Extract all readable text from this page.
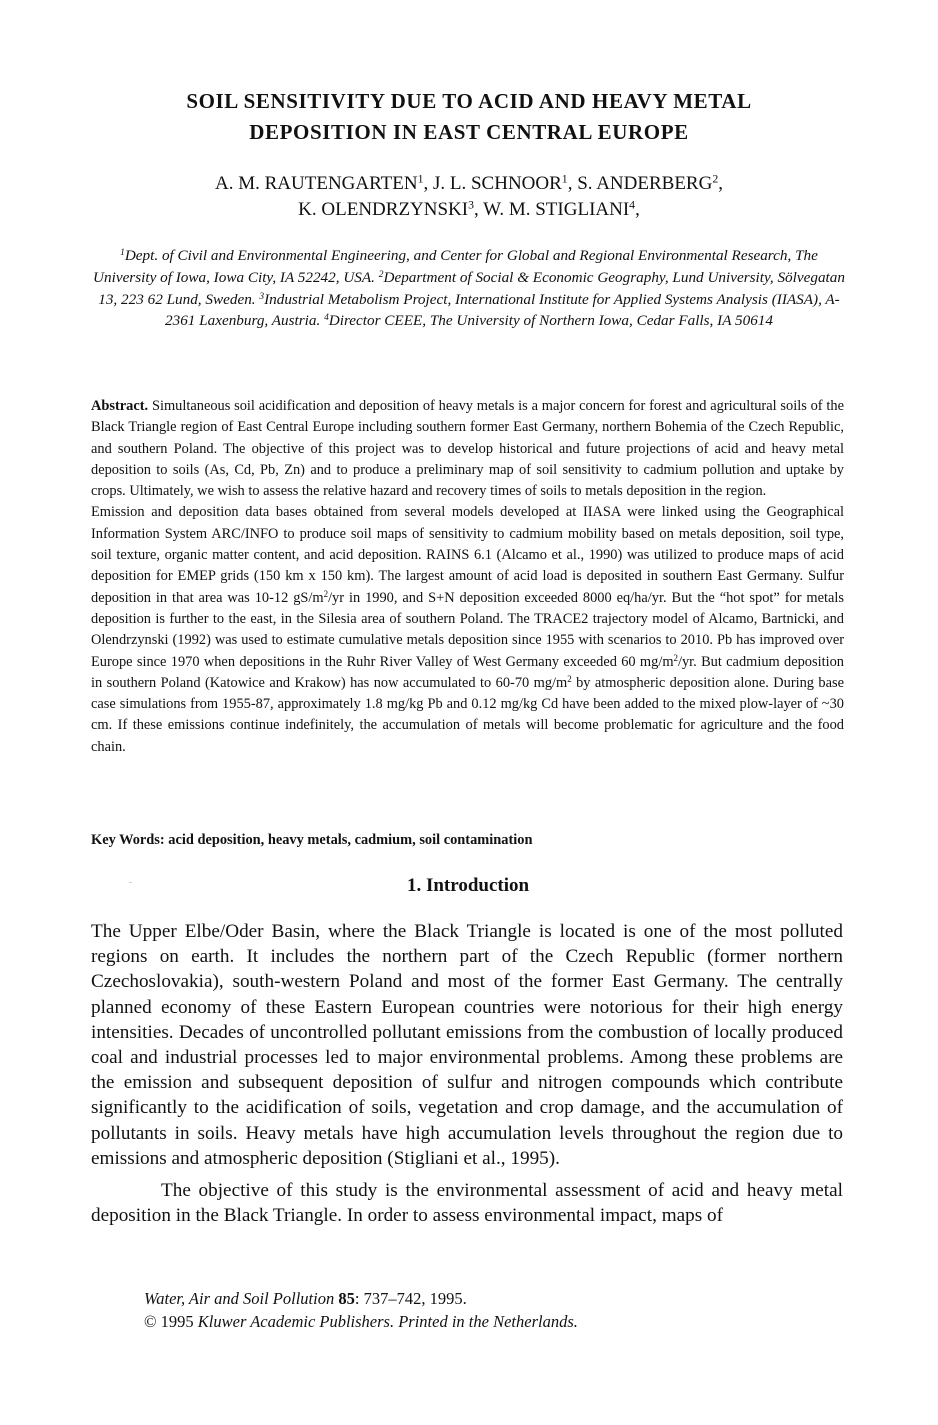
SOIL SENSITIVITY DUE TO ACID AND HEAVY METAL
DEPOSITION IN EAST CENTRAL EUROPE
A. M. RAUTENGARTEN$^1$, J. L. SCHNOOR$^1$, S. ANDERBERG$^2$,
K. OLENDRZYNSKI$^3$, W. M. STIGLIANI$^4$,
$^1$Dept. of Civil and Environmental Engineering, and Center for Global and Regional Environmental Research, The University of Iowa, Iowa City, IA 52242, USA. $^2$Department of Social & Economic Geography, Lund University, Sölvegatan 13, 223 62 Lund, Sweden. $^3$Industrial Metabolism Project, International Institute for Applied Systems Analysis (IIASA), A-2361 Laxenburg, Austria. $^4$Director CEEE, The University of Northern Iowa, Cedar Falls, IA 50614

Abstract. Simultaneous soil acidification and deposition of heavy metals is a major concern for forest and agricultural soils of the Black Triangle region of East Central Europe including southern former East Germany, northern Bohemia of the Czech Republic, and southern Poland. The objective of this project was to develop historical and future projections of acid and heavy metal deposition to soils (As, Cd, Pb, Zn) and to produce a preliminary map of soil sensitivity to cadmium pollution and uptake by crops. Ultimately, we wish to assess the relative hazard and recovery times of soils to metals deposition in the region.

Emission and deposition data bases obtained from several models developed at IIASA were linked using the Geographical Information System ARC/INFO to produce soil maps of sensitivity to cadmium mobility based on metals deposition, soil type, soil texture, organic matter content, and acid deposition. RAINS 6.1 (Alcamo et al., 1990) was utilized to produce maps of acid deposition for EMEP grids (150 km x 150 km). The largest amount of acid load is deposited in southern East Germany. Sulfur deposition in that area was 10-12 $gS/m^2/yr$ in 1990, and S+N deposition exceeded 8000 eq/ha/yr. But the “hot spot” for metals deposition is further to the east, in the Silesia area of southern Poland. The TRACE2 trajectory model of Alcamo, Bartnicki, and Olendrzynski (1992) was used to estimate cumulative metals deposition since 1955 with scenarios to 2010. Pb has improved over Europe since 1970 when depositions in the Ruhr River Valley of West Germany exceeded 60 $mg/m^2/yr$. But cadmium deposition in southern Poland (Katowice and Krakow) has now accumulated to 60-70 $mg/m^2$ by atmospheric deposition alone. During base case simulations from 1955-87, approximately 1.8 mg/kg Pb and 0.12 mg/kg Cd have been added to the mixed plow-layer of ~30 cm. If these emissions continue indefinitely, the accumulation of metals will become problematic for agriculture and the food chain.

Key Words: acid deposition, heavy metals, cadmium, soil contamination
1. Introduction

The Upper Elbe/Oder Basin, where the Black Triangle is located is one of the most polluted regions on earth. It includes the northern part of the Czech Republic (former northern Czechoslovakia), south-western Poland and most of the former East Germany. The centrally planned economy of these Eastern European countries were notorious for their high energy intensities. Decades of uncontrolled pollutant emissions from the combustion of locally produced coal and industrial processes led to major environmental problems. Among these problems are the emission and subsequent deposition of sulfur and nitrogen compounds which contribute significantly to the acidification of soils, vegetation and crop damage, and the accumulation of pollutants in soils. Heavy metals have high accumulation levels throughout the region due to emissions and atmospheric deposition (Stigliani et al., 1995).

The objective of this study is the environmental assessment of acid and heavy metal deposition in the Black Triangle. In order to assess environmental impact, maps of

Water, Air and Soil Pollution 85: 737–742, 1995.
© 1995 Kluwer Academic Publishers. Printed in the Netherlands.
